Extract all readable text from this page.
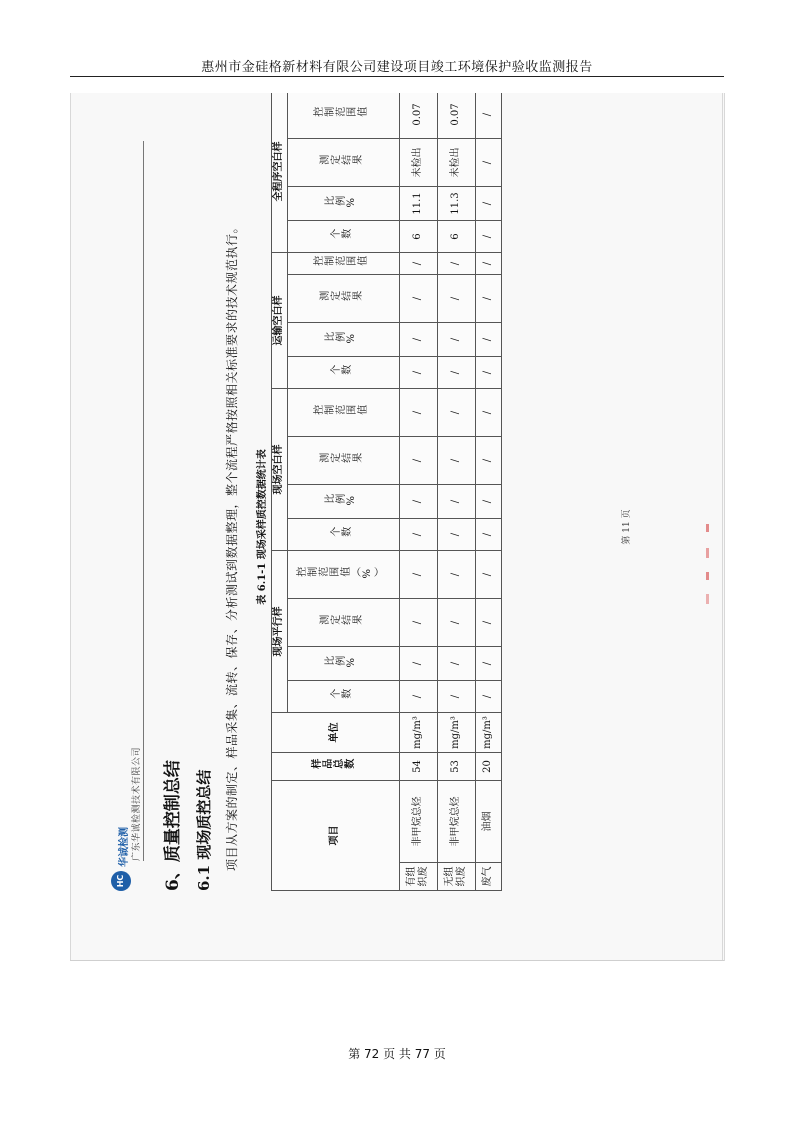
惠州市金硅格新材料有限公司建设项目竣工环境保护验收监测报告
HC
华诚检测 广东华诚检测技术有限公司 6、质量控制总结 6.1 现场质控总结 项目从方案的制定、样品采集、流转、保存、分析测试到数据整理，整个流程严格按照相关标准要求的技术规范执行。	表 6.1-1 现场采样质控数据统计表
项目		样品总数	单位	现场平行样				现场空白样				运输空白样				全程序空白样	
				个数	比例%	测定结果	控制范围值（%）	个数	比例%	测定结果	控制范围值	个数	比例%	测定结果	控制范围值	个数	比例%	测定结果	控制范围值	
有组织废	非甲烷总烃	54	mg/m³	/	/	/	/	/	/	/	/	/	/	/	/	6	11.1	未检出	0.07	
无组织废	非甲烷总烃	53	mg/m³	/	/	/	/	/	/	/	/	/	/	/	/	6	11.3	未检出	0.07	
废气	油烟	20	mg/m³	/	/	/	/	/	/	/	/	/	/	/	/	/	/	/	/	
第 11 页
第 72 页 共 77 页
